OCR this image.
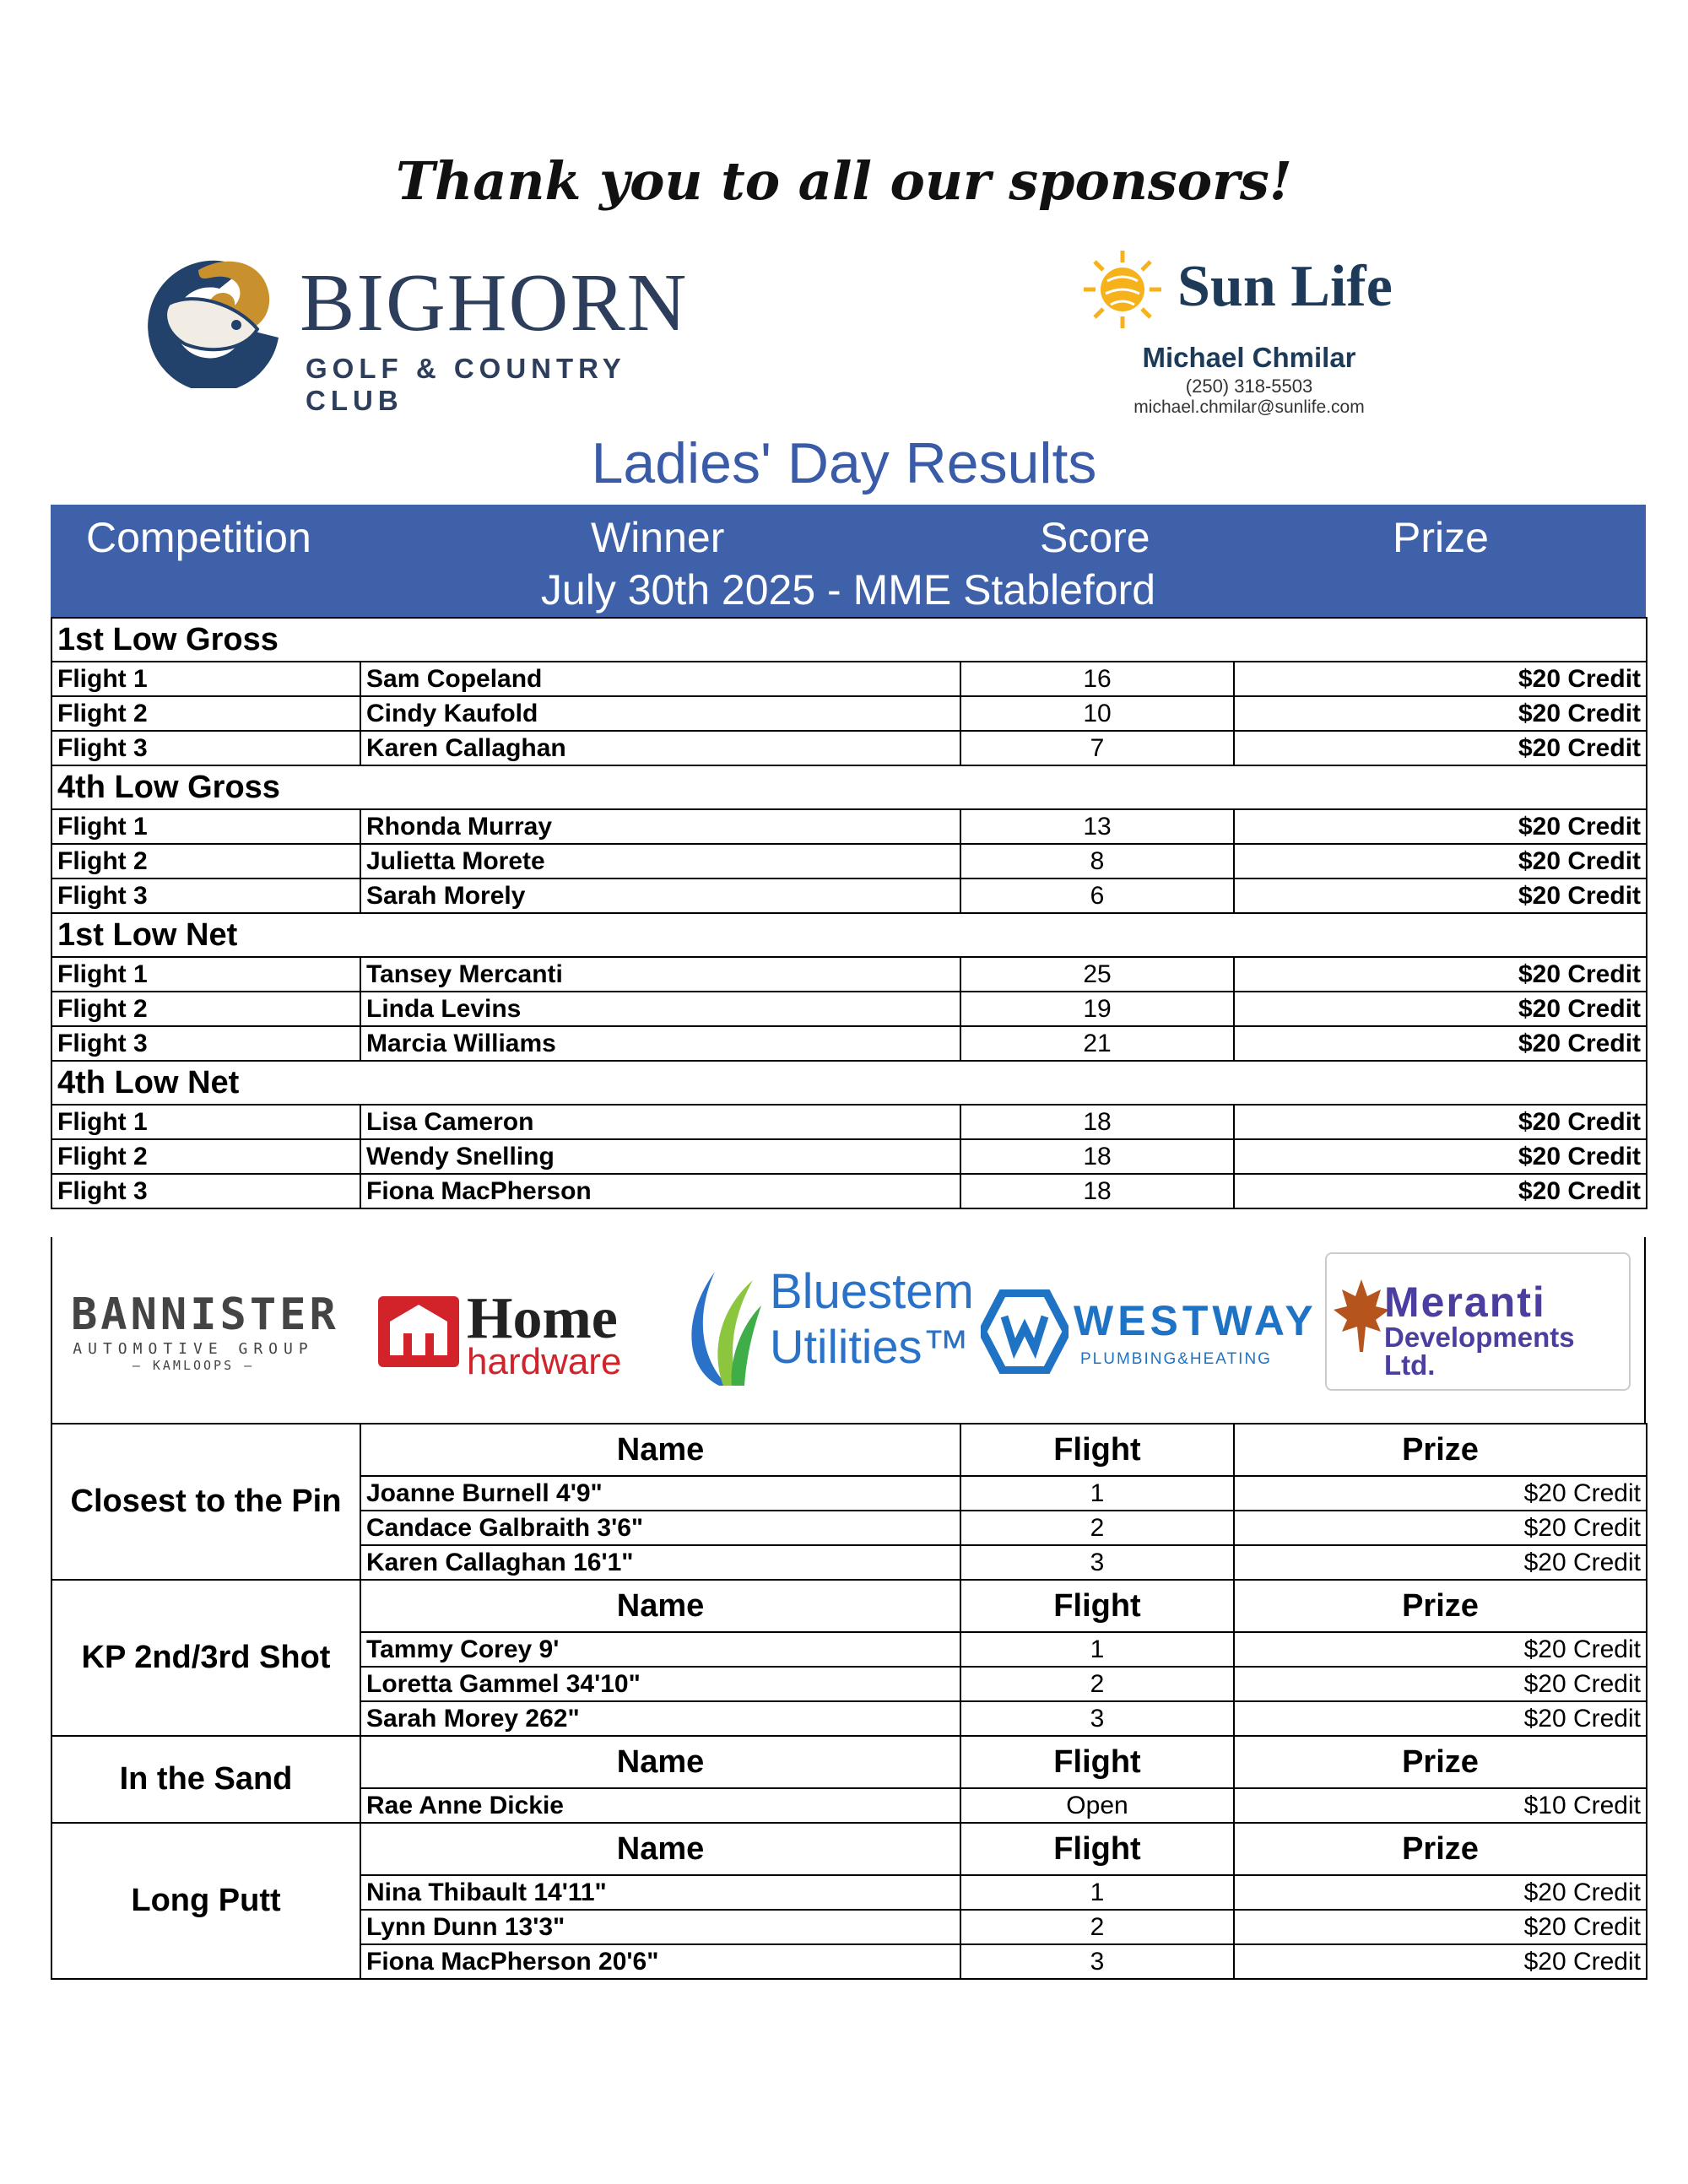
Thank you to all our sponsors!
BIGHORN
GOLF & COUNTRY CLUB
Sun Life
Michael Chmilar
(250) 318-5503
michael.chmilar@sunlife.com
Ladies' Day Results
Competition	Winner	Score	Prize
July 30th 2025 - MME Stableford
1st Low Gross			
Flight 1	Sam Copeland	16	$20 Credit
Flight 2	Cindy Kaufold	10	$20 Credit
Flight 3	Karen Callaghan	7	$20 Credit
4th Low Gross			
Flight 1	Rhonda Murray	13	$20 Credit
Flight 2	Julietta Morete	8	$20 Credit
Flight 3	Sarah Morely	6	$20 Credit
1st Low Net			
Flight 1	Tansey Mercanti	25	$20 Credit
Flight 2	Linda Levins	19	$20 Credit
Flight 3	Marcia Williams	21	$20 Credit
4th Low Net			
Flight 1	Lisa Cameron	18	$20 Credit
Flight 2	Wendy Snelling	18	$20 Credit
Flight 3	Fiona MacPherson	18	$20 Credit
BANNISTER
AUTOMOTIVE GROUP
— KAMLOOPS —
Home
hardware
Bluestem
Utilities™ WESTWAY
PLUMBING&HEATING
Meranti
Developments Ltd.
Closest to the Pin	Name	Flight	Prize
	Joanne Burnell 4'9"	1	$20 Credit
	Candace Galbraith 3'6"	2	$20 Credit
	Karen Callaghan 16'1"	3	$20 Credit
KP 2nd/3rd Shot	Name	Flight	Prize
	Tammy Corey 9'	1	$20 Credit
	Loretta Gammel 34'10"	2	$20 Credit
	Sarah Morey 262"	3	$20 Credit
In the Sand	Name	Flight	Prize
	Rae Anne Dickie	Open	$10 Credit
Long Putt	Name	Flight	Prize
	Nina Thibault 14'11"	1	$20 Credit
	Lynn Dunn 13'3"	2	$20 Credit
	Fiona MacPherson 20'6"	3	$20 Credit
